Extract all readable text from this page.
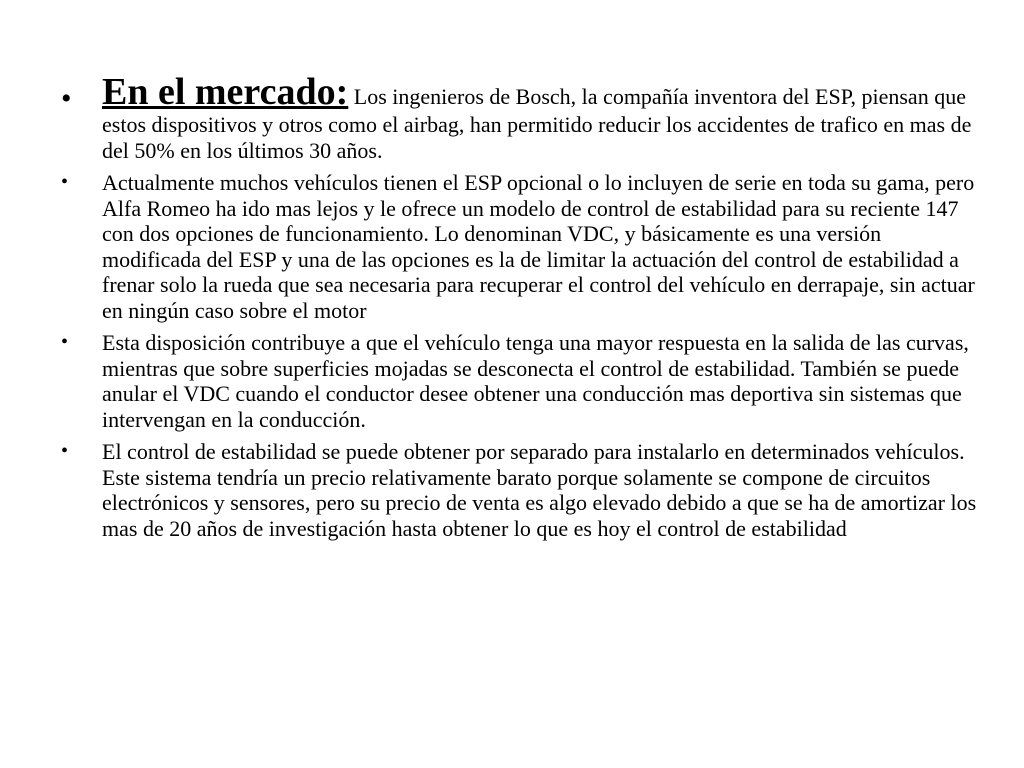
• En el mercado: Los ingenieros de Bosch, la compañía inventora del ESP, piensan que estos dispositivos y otros como el airbag, han permitido reducir los accidentes de trafico en mas de del 50% en los últimos 30 años.
• Actualmente muchos vehículos tienen el ESP opcional o lo incluyen de serie en toda su gama, pero Alfa Romeo ha ido mas lejos y le ofrece un modelo de control de estabilidad para su reciente 147 con dos opciones de funcionamiento. Lo denominan VDC, y básicamente es una versión modificada del ESP y una de las opciones es la de limitar la actuación del control de estabilidad a frenar solo la rueda que sea necesaria para recuperar el control del vehículo en derrapaje, sin actuar en ningún caso sobre el motor
• Esta disposición contribuye a que el vehículo tenga una mayor respuesta en la salida de las curvas, mientras que sobre superficies mojadas se desconecta el control de estabilidad. También se puede anular el VDC cuando el conductor desee obtener una conducción mas deportiva sin sistemas que intervengan en la conducción.
• El control de estabilidad se puede obtener por separado para instalarlo en determinados vehículos. Este sistema tendría un precio relativamente barato porque solamente se compone de circuitos electrónicos y sensores, pero su precio de venta es algo elevado debido a que se ha de amortizar los mas de 20 años de investigación hasta obtener lo que es hoy el control de estabilidad
